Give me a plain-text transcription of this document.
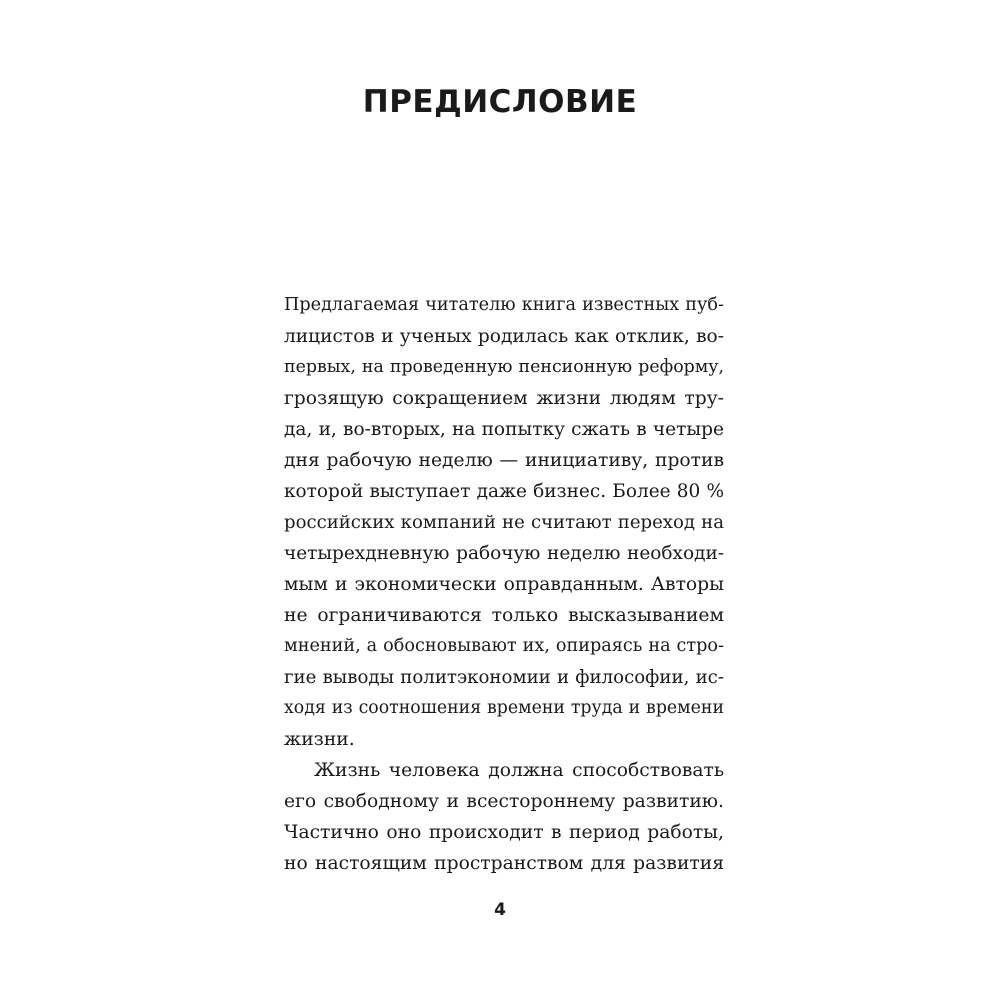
ПРЕДИСЛОВИЕ
Предлагаемая читателю книга известных пуб-
лицистов и ученых родилась как отклик, во-
первых, на проведенную пенсионную реформу,
грозящую сокращением жизни людям тру-
да, и, во-вторых, на попытку сжать в четыре
дня рабочую неделю — инициативу, против
которой выступает даже бизнес. Более 80 %
российских компаний не считают переход на
четырехдневную рабочую неделю необходи-
мым и экономически оправданным. Авторы
не ограничиваются только высказыванием
мнений, а обосновывают их, опираясь на стро-
гие выводы политэкономии и философии, ис-
ходя из соотношения времени труда и времени
жизни.
Жизнь человека должна способствовать
его свободному и всестороннему развитию.
Частично оно происходит в период работы,
но настоящим пространством для развития
4
